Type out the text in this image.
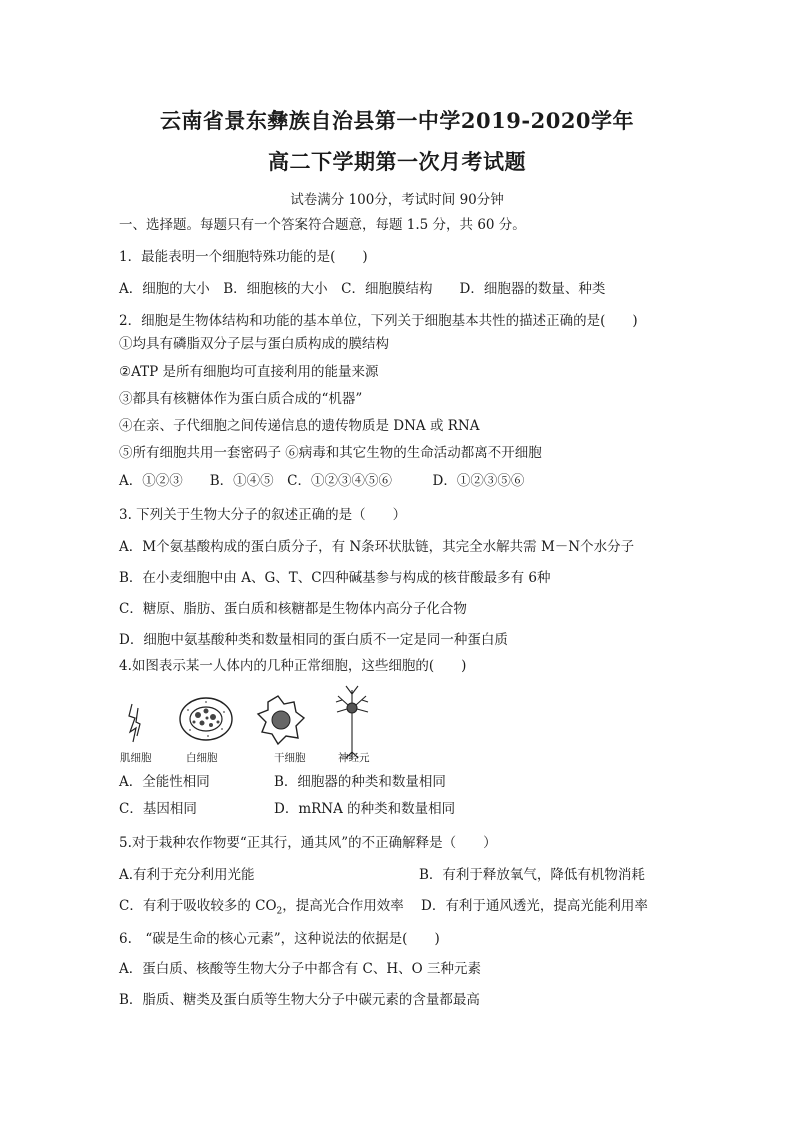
云南省景东彝族自治县第一中学2019-2020学年
高二下学期第一次月考试题
试卷满分 100分，考试时间 90分钟
一、选择题。每题只有一个答案符合题意，每题 1.5 分，共 60 分。
1．最能表明一个细胞特殊功能的是(　　)
A．细胞的大小　B．细胞核的大小　C．细胞膜结构　　D．细胞器的数量、种类
2．细胞是生物体结构和功能的基本单位，下列关于细胞基本共性的描述正确的是(　　)
①均具有磷脂双分子层与蛋白质构成的膜结构
②ATP 是所有细胞均可直接利用的能量来源
③都具有核糖体作为蛋白质合成的“机器”
④在亲、子代细胞之间传递信息的遗传物质是 DNA 或 RNA
⑤所有细胞共用一套密码子 ⑥病毒和其它生物的生命活动都离不开细胞
A．①②③　　B．①④⑤　C．①②③④⑤⑥　　　D．①②③⑤⑥
3. 下列关于生物大分子的叙述正确的是（　　）
A．M个氨基酸构成的蛋白质分子，有 N条环状肽链，其完全水解共需 M－N个水分子
B．在小麦细胞中由 A、G、T、C四种碱基参与构成的核苷酸最多有 6种
C．糖原、脂肪、蛋白质和核糖都是生物体内高分子化合物
D．细胞中氨基酸种类和数量相同的蛋白质不一定是同一种蛋白质
4.如图表示某一人体内的几种正常细胞，这些细胞的(　　)
肌细胞	白细胞	干细胞	神经元
A．全能性相同	B．细胞器的种类和数量相同
C．基因相同	D．mRNA 的种类和数量相同
5.对于栽种农作物要“正其行，通其风”的不正确解释是（　　）
A.有利于充分利用光能	B．有利于释放氧气，降低有机物消耗
C．有利于吸收较多的 $CO_2$，提高光合作用效率 D．有利于通风透光，提高光能利用率
6.　“碳是生命的核心元素”，这种说法的依据是(　　)
A．蛋白质、核酸等生物大分子中都含有 C、H、O 三种元素
B．脂质、糖类及蛋白质等生物大分子中碳元素的含量都最高
